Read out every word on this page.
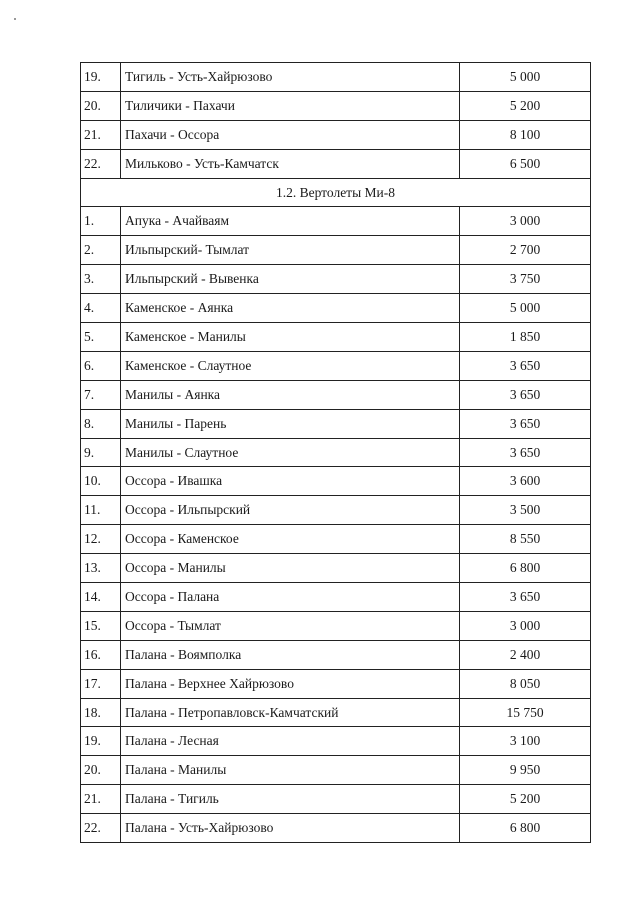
19.	Тигиль - Усть-Хайрюзово	5 000
20.	Тиличики - Пахачи	5 200
21.	Пахачи - Оссора	8 100
22.	Мильково - Усть-Камчатск	6 500
1.2. Вертолеты Ми-8		
1.	Апука - Ачайваям	3 000
2.	Ильпырский- Тымлат	2 700
3.	Ильпырский - Вывенка	3 750
4.	Каменское - Аянка	5 000
5.	Каменское - Манилы	1 850
6.	Каменское - Слаутное	3 650
7.	Манилы - Аянка	3 650
8.	Манилы - Парень	3 650
9.	Манилы - Слаутное	3 650
10.	Оссора - Ивашка	3 600
11.	Оссора - Ильпырский	3 500
12.	Оссора - Каменское	8 550
13.	Оссора - Манилы	6 800
14.	Оссора - Палана	3 650
15.	Оссора - Тымлат	3 000
16.	Палана - Воямполка	2 400
17.	Палана - Верхнее Хайрюзово	8 050
18.	Палана - Петропавловск-Камчатский	15 750
19.	Палана - Лесная	3 100
20.	Палана - Манилы	9 950
21.	Палана - Тигиль	5 200
22.	Палана - Усть-Хайрюзово	6 800
